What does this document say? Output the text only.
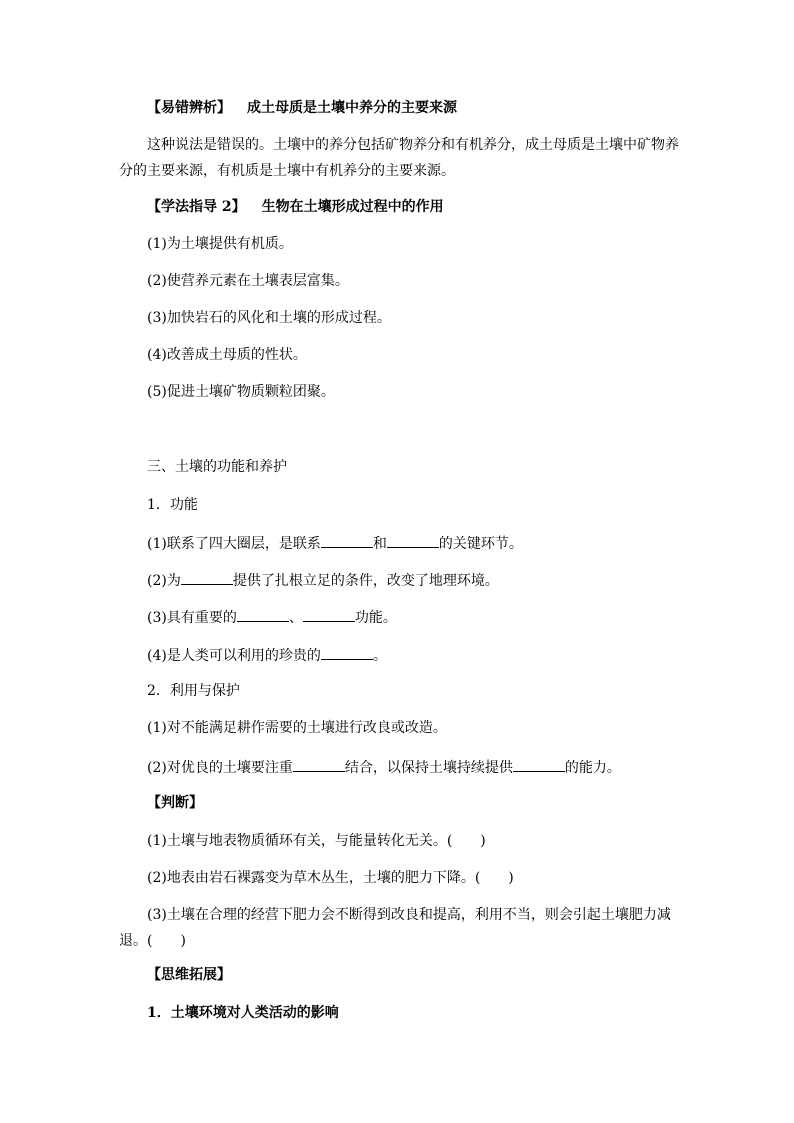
【易错辨析】 成土母质是土壤中养分的主要来源
这种说法是错误的。土壤中的养分包括矿物养分和有机养分，成土母质是土壤中矿物养分的主要来源，有机质是土壤中有机养分的主要来源。
【学法指导 2】 生物在土壤形成过程中的作用
(1)为土壤提供有机质。
(2)使营养元素在土壤表层富集。
(3)加快岩石的风化和土壤的形成过程。
(4)改善成土母质的性状。
(5)促进土壤矿物质颗粒团聚。
三、土壤的功能和养护
1．功能
(1)联系了四大圈层，是联系	和	的关键环节。
(2)为	提供了扎根立足的条件，改变了地理环境。
(3)具有重要的	、	功能。
(4)是人类可以利用的珍贵的	。
2．利用与保护
(1)对不能满足耕作需要的土壤进行改良或改造。
(2)对优良的土壤要注重	结合，以保持土壤持续提供	的能力。
【判断】
(1)土壤与地表物质循环有关，与能量转化无关。(　　)
(2)地表由岩石裸露变为草木丛生，土壤的肥力下降。(　　)
(3)土壤在合理的经营下肥力会不断得到改良和提高，利用不当，则会引起土壤肥力减退。(　　)
【思维拓展】
1．土壤环境对人类活动的影响
